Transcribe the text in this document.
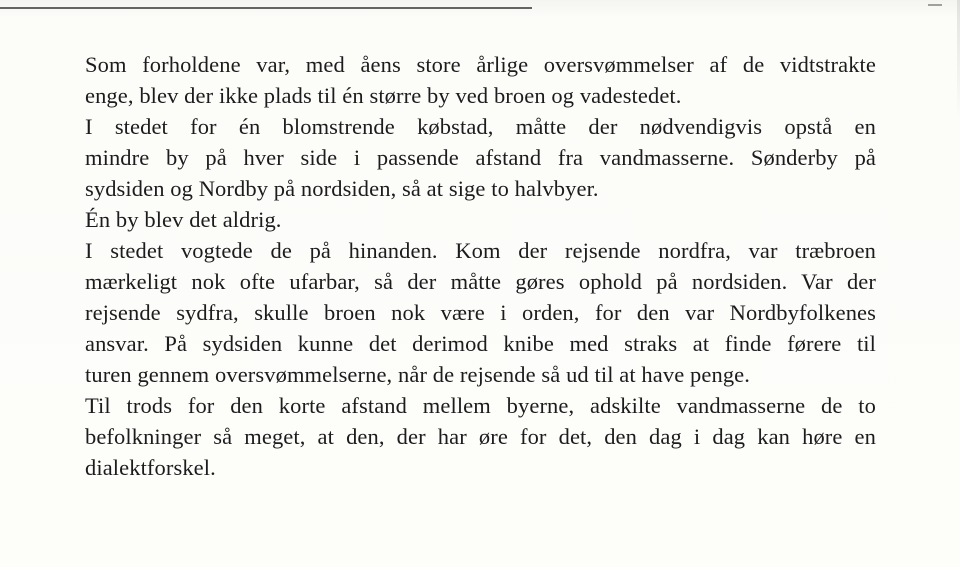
Som forholdene var, med åens store årlige oversvømmelser af de vidtstrakte
enge, blev der ikke plads til én større by ved broen og vadestedet.
I stedet for én blomstrende købstad, måtte der nødvendigvis opstå en
mindre by på hver side i passende afstand fra vandmasserne. Sønderby på
sydsiden og Nordby på nordsiden, så at sige to halvbyer.
Én by blev det aldrig.
I stedet vogtede de på hinanden. Kom der rejsende nordfra, var træbroen
mærkeligt nok ofte ufarbar, så der måtte gøres ophold på nordsiden. Var der
rejsende sydfra, skulle broen nok være i orden, for den var Nordbyfolkenes
ansvar. På sydsiden kunne det derimod knibe med straks at finde førere til
turen gennem oversvømmelserne, når de rejsende så ud til at have penge.
Til trods for den korte afstand mellem byerne, adskilte vandmasserne de to
befolkninger så meget, at den, der har øre for det, den dag i dag kan høre en
dialektforskel.
